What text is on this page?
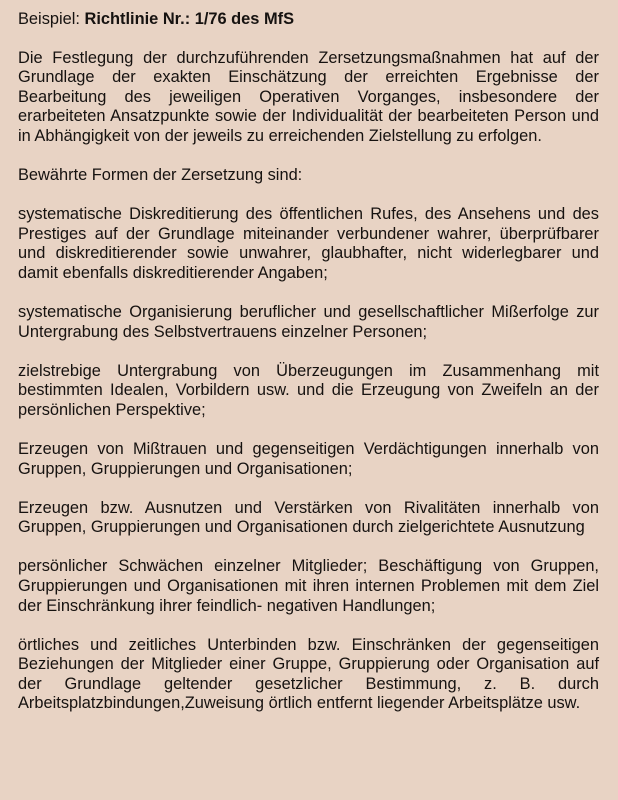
Beispiel: Richtlinie Nr.: 1/76 des MfS

Die Festlegung der durchzuführenden Zersetzungsmaßnahmen hat auf der Grundlage der exakten Einschätzung der erreichten Ergebnisse der Bearbeitung des jeweiligen Operativen Vorganges, insbesondere der erarbeiteten Ansatzpunkte sowie der Individualität der bearbeiteten Person und in Abhängigkeit von der jeweils zu erreichenden Zielstellung zu erfolgen.

Bewährte Formen der Zersetzung sind:

systematische Diskreditierung des öffentlichen Rufes, des Ansehens und des Prestiges auf der Grundlage miteinander verbundener wahrer, überprüfbarer und diskreditierender sowie unwahrer, glaubhafter, nicht widerlegbarer und damit ebenfalls diskreditierender Angaben;

systematische Organisierung beruflicher und gesellschaftlicher Mißerfolge zur Untergrabung des Selbstvertrauens einzelner Personen;

zielstrebige Untergrabung von Überzeugungen im Zusammenhang mit bestimmten Idealen, Vorbildern usw. und die Erzeugung von Zweifeln an der persönlichen Perspektive;

Erzeugen von Mißtrauen und gegenseitigen Verdächtigungen innerhalb von Gruppen, Gruppierungen und Organisationen;

Erzeugen bzw. Ausnutzen und Verstärken von Rivalitäten innerhalb von Gruppen, Gruppierungen und Organisationen durch zielgerichtete Ausnutzung

persönlicher Schwächen einzelner Mitglieder; Beschäftigung von Gruppen, Gruppierungen und Organisationen mit ihren internen Problemen mit dem Ziel der Einschränkung ihrer feindlich- negativen Handlungen;

örtliches und zeitliches Unterbinden bzw. Einschränken der gegenseitigen Beziehungen der Mitglieder einer Gruppe, Gruppierung oder Organisation auf der Grundlage geltender gesetzlicher Bestimmung, z. B. durch Arbeitsplatzbindungen,Zuweisung örtlich entfernt liegender Arbeitsplätze usw.
